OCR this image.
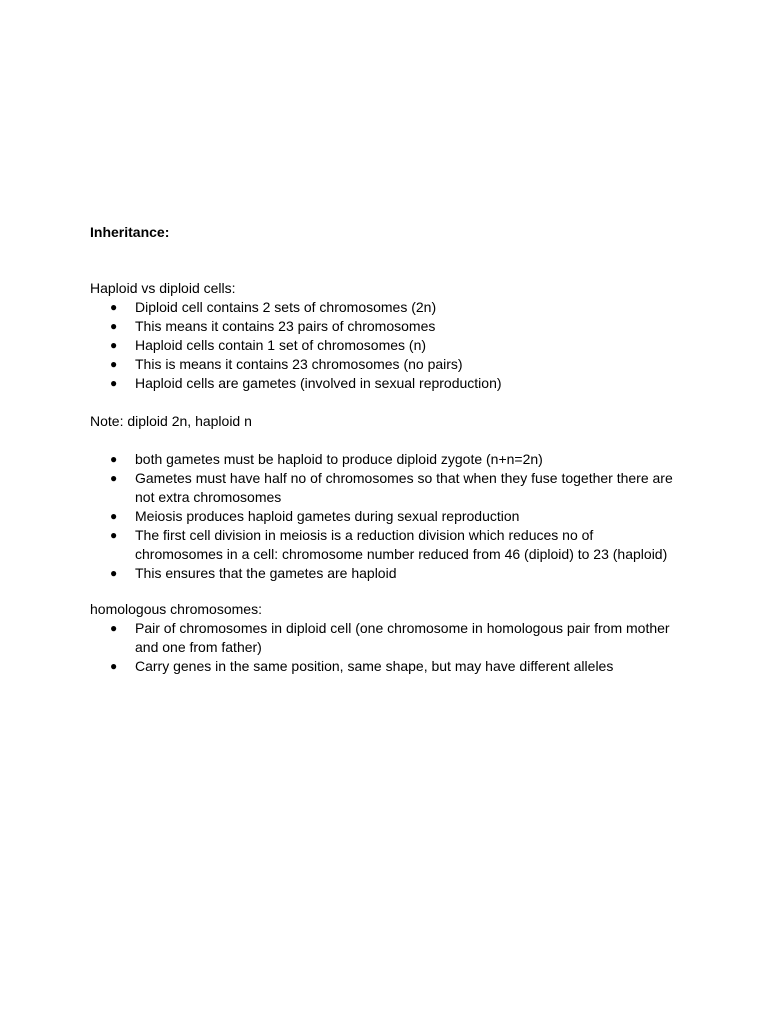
Inheritance:

Haploid vs diploid cells:

● Diploid cell contains 2 sets of chromosomes (2n)
● This means it contains 23 pairs of chromosomes
● Haploid cells contain 1 set of chromosomes (n)
● This is means it contains 23 chromosomes (no pairs)
● Haploid cells are gametes (involved in sexual reproduction)

Note: diploid 2n, haploid n

● both gametes must be haploid to produce diploid zygote (n+n=2n)
● Gametes must have half no of chromosomes so that when they fuse together there are not extra chromosomes
● Meiosis produces haploid gametes during sexual reproduction
● The first cell division in meiosis is a reduction division which reduces no of chromosomes in a cell: chromosome number reduced from 46 (diploid) to 23 (haploid)
● This ensures that the gametes are haploid

homologous chromosomes:

● Pair of chromosomes in diploid cell (one chromosome in homologous pair from mother and one from father)
● Carry genes in the same position, same shape, but may have different alleles
